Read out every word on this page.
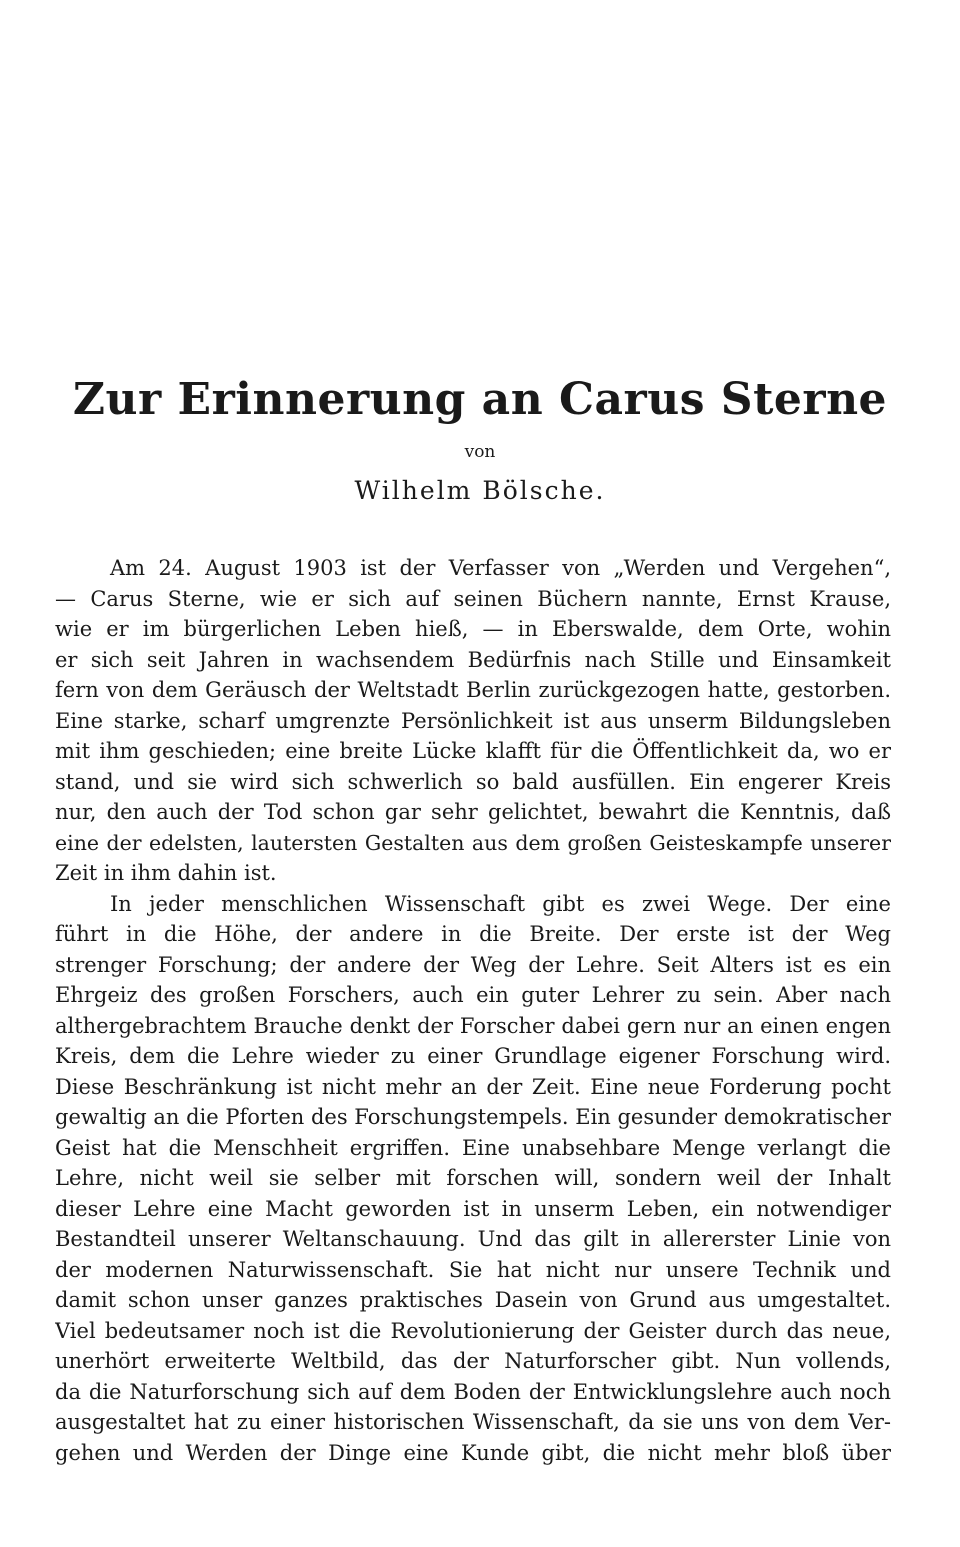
Zur Erinnerung an Carus Sterne
von
Wilhelm Bölsche.
Am 24. August 1903 ist der Verfasser von „Werden und Vergehen“,
— Carus Sterne, wie er sich auf seinen Büchern nannte, Ernst Krause,
wie er im bürgerlichen Leben hieß, — in Eberswalde, dem Orte, wohin
er sich seit Jahren in wachsendem Bedürfnis nach Stille und Einsamkeit
fern von dem Geräusch der Weltstadt Berlin zurückgezogen hatte, gestorben.
Eine starke, scharf umgrenzte Persönlichkeit ist aus unserm Bildungsleben
mit ihm geschieden; eine breite Lücke klafft für die Öffentlichkeit da, wo er
stand, und sie wird sich schwerlich so bald ausfüllen. Ein engerer Kreis
nur, den auch der Tod schon gar sehr gelichtet, bewahrt die Kenntnis, daß
eine der edelsten, lautersten Gestalten aus dem großen Geisteskampfe unserer
Zeit in ihm dahin ist.
In jeder menschlichen Wissenschaft gibt es zwei Wege. Der eine
führt in die Höhe, der andere in die Breite. Der erste ist der Weg
strenger Forschung; der andere der Weg der Lehre. Seit Alters ist es ein
Ehrgeiz des großen Forschers, auch ein guter Lehrer zu sein. Aber nach
althergebrachtem Brauche denkt der Forscher dabei gern nur an einen engen
Kreis, dem die Lehre wieder zu einer Grundlage eigener Forschung wird.
Diese Beschränkung ist nicht mehr an der Zeit. Eine neue Forderung pocht
gewaltig an die Pforten des Forschungstempels. Ein gesunder demokratischer
Geist hat die Menschheit ergriffen. Eine unabsehbare Menge verlangt die
Lehre, nicht weil sie selber mit forschen will, sondern weil der Inhalt
dieser Lehre eine Macht geworden ist in unserm Leben, ein notwendiger
Bestandteil unserer Weltanschauung. Und das gilt in allererster Linie von
der modernen Naturwissenschaft. Sie hat nicht nur unsere Technik und
damit schon unser ganzes praktisches Dasein von Grund aus umgestaltet.
Viel bedeutsamer noch ist die Revolutionierung der Geister durch das neue,
unerhört erweiterte Weltbild, das der Naturforscher gibt. Nun vollends,
da die Naturforschung sich auf dem Boden der Entwicklungslehre auch noch
ausgestaltet hat zu einer historischen Wissenschaft, da sie uns von dem Ver-
gehen und Werden der Dinge eine Kunde gibt, die nicht mehr bloß über
